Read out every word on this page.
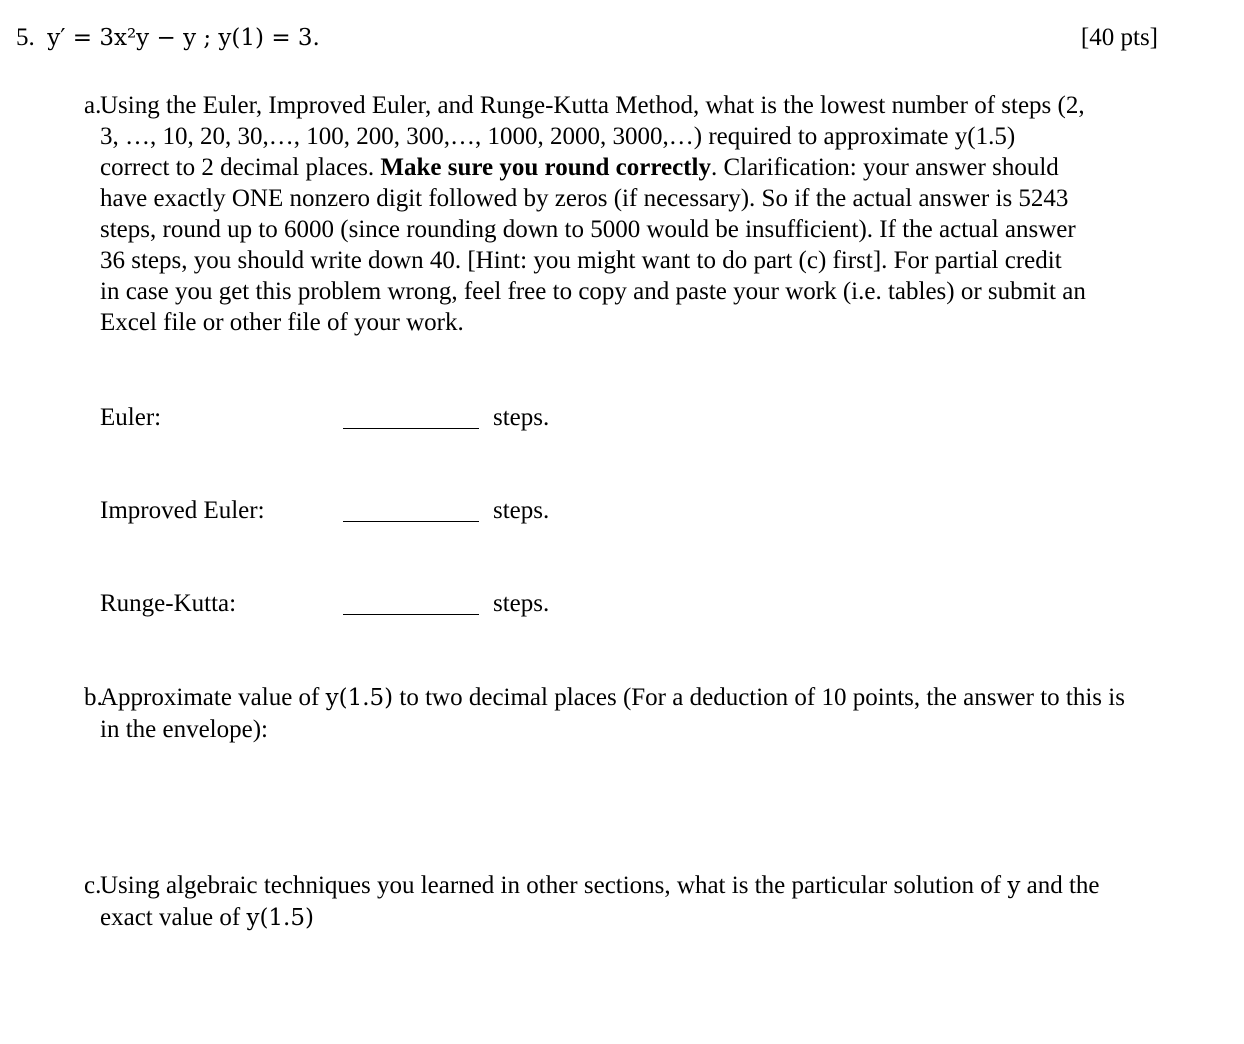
5. y′ = 3x²y − y ; y(1) = 3.	[40 pts]
a.
Using the Euler, Improved Euler, and Runge-Kutta Method, what is the lowest number of steps (2,
3, …, 10, 20, 30,…, 100, 200, 300,…, 1000, 2000, 3000,…) required to approximate y(1.5)
correct to 2 decimal places. Make sure you round correctly. Clarification: your answer should
have exactly ONE nonzero digit followed by zeros (if necessary). So if the actual answer is 5243
steps, round up to 6000 (since rounding down to 5000 would be insufficient). If the actual answer
36 steps, you should write down 40. [Hint: you might want to do part (c) first]. For partial credit
in case you get this problem wrong, feel free to copy and paste your work (i.e. tables) or submit an
Excel file or other file of your work.
Euler:	steps.
Improved Euler:	steps.
Runge-Kutta:	steps.
b.
Approximate value of y(1.5) to two decimal places (For a deduction of 10 points, the answer to this is
in the envelope):
c.
Using algebraic techniques you learned in other sections, what is the particular solution of y and the
exact value of y(1.5)
